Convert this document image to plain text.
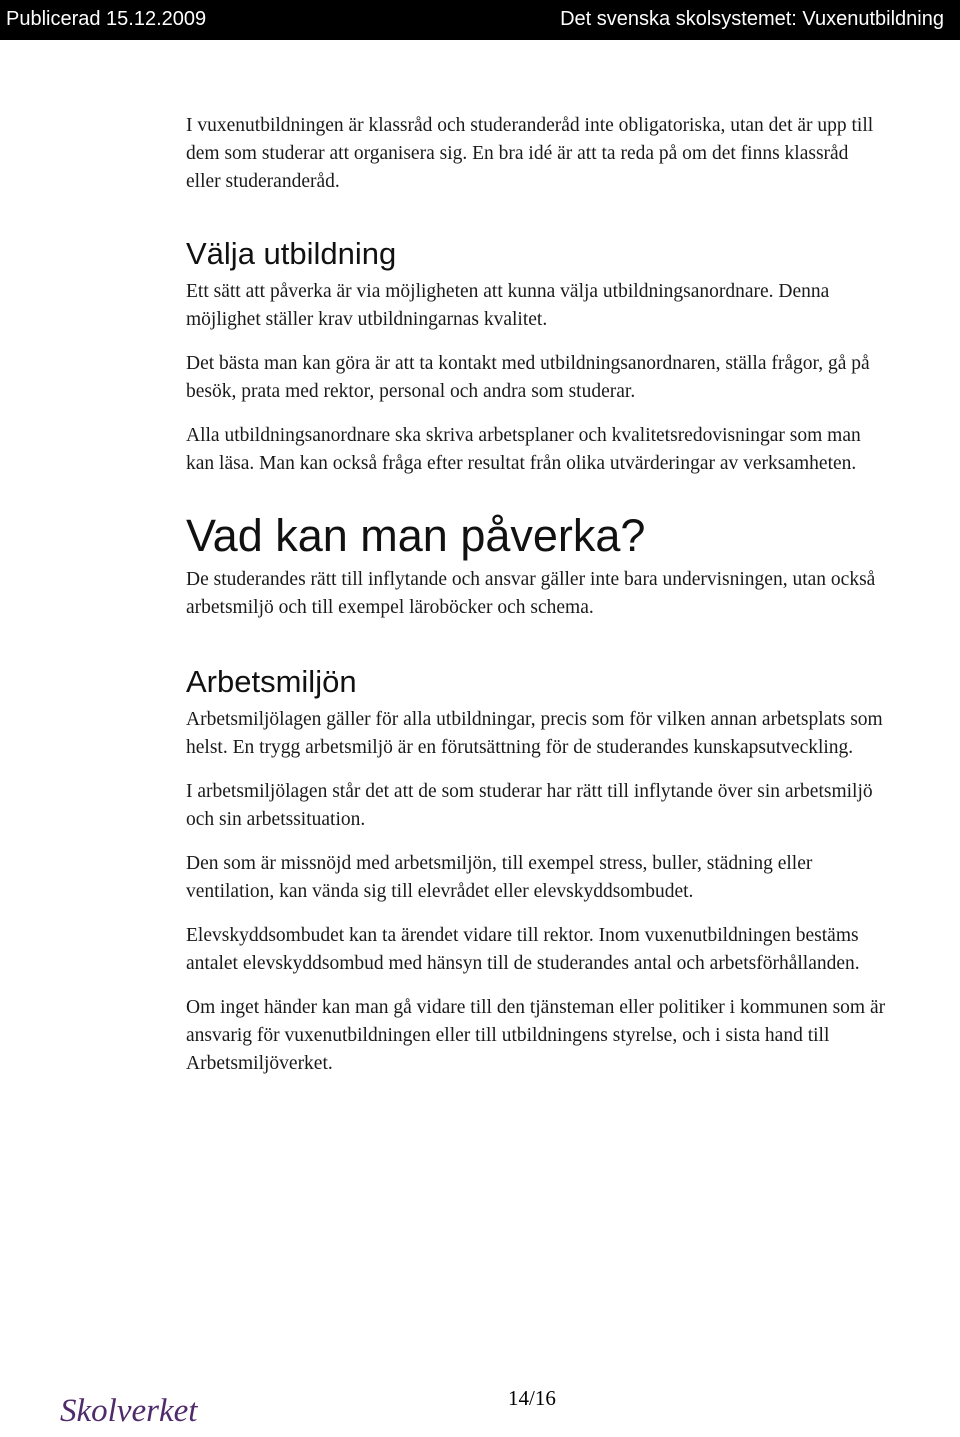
Publicerad 15.12.2009	Det svenska skolsystemet: Vuxenutbildning

I vuxenutbildningen är klassråd och studeranderåd inte obligatoriska, utan det är upp till dem som studerar att organisera sig. En bra idé är att ta reda på om det finns klassråd eller studeranderåd.

Välja utbildning

Ett sätt att påverka är via möjligheten att kunna välja utbildningsanordnare. Denna möjlighet ställer krav utbildningarnas kvalitet.

Det bästa man kan göra är att ta kontakt med utbildningsanordnaren, ställa frågor, gå på besök, prata med rektor, personal och andra som studerar.

Alla utbildningsanordnare ska skriva arbetsplaner och kvalitetsredovisningar som man kan läsa. Man kan också fråga efter resultat från olika utvärderingar av verksamheten.

Vad kan man påverka?

De studerandes rätt till inflytande och ansvar gäller inte bara undervisningen, utan också arbetsmiljö och till exempel läroböcker och schema.

Arbetsmiljön

Arbetsmiljölagen gäller för alla utbildningar, precis som för vilken annan arbetsplats som helst. En trygg arbetsmiljö är en förutsättning för de studerandes kunskapsutveckling.

I arbetsmiljölagen står det att de som studerar har rätt till inflytande över sin arbetsmiljö och sin arbetssituation.

Den som är missnöjd med arbetsmiljön, till exempel stress, buller, städning eller ventilation, kan vända sig till elevrådet eller elevskyddsombudet.

Elevskyddsombudet kan ta ärendet vidare till rektor. Inom vuxenutbildningen bestäms antalet elevskyddsombud med hänsyn till de studerandes antal och arbetsförhållanden.

Om inget händer kan man gå vidare till den tjänsteman eller politiker i kommunen som är ansvarig för vuxenutbildningen eller till utbildningens styrelse, och i sista hand till Arbetsmiljöverket.

Skolverket	14/16
